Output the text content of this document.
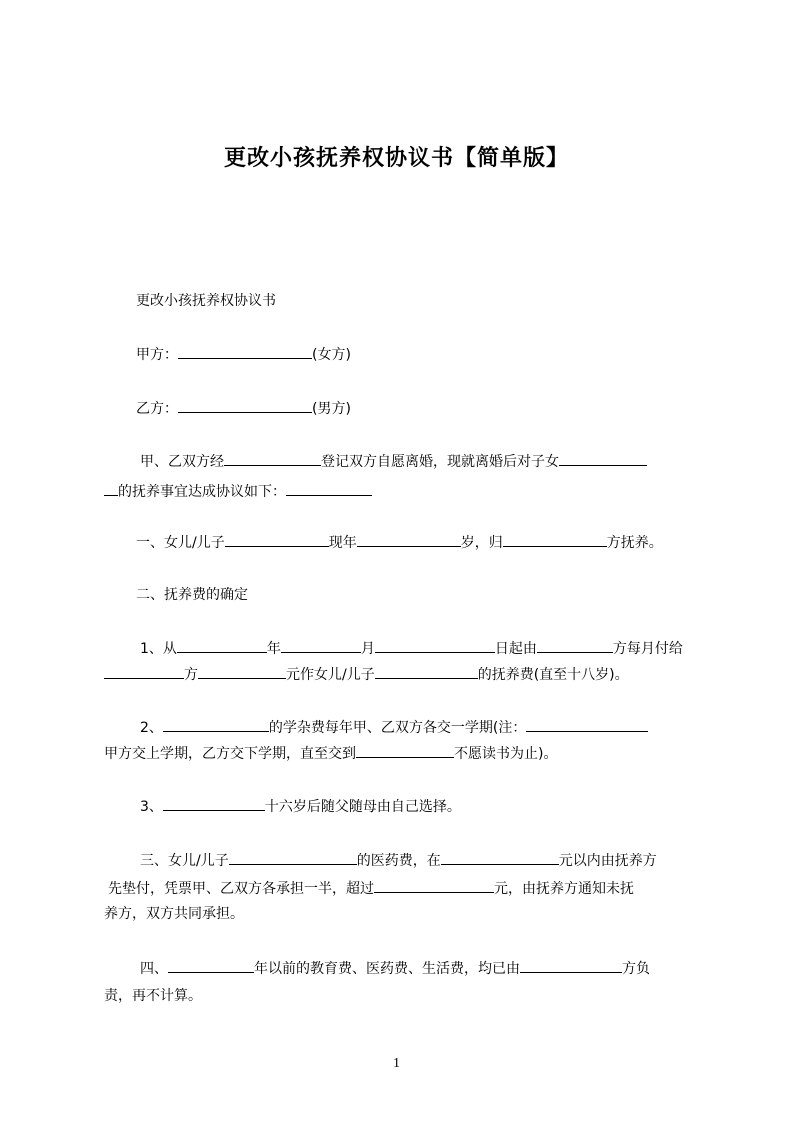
更改小孩抚养权协议书【简单版】
更改小孩抚养权协议书
甲方：	(女方)
乙方：	(男方)
甲、乙双方经	登记双方自愿离婚，现就离婚后对子女
的抚养事宜达成协议如下：
一、女儿/儿子	现年	岁，归	方抚养。
二、抚养费的确定
1、从	年	月	日起由	方每月付给
方	元作女儿/儿子	的抚养费(直至十八岁)。
2、	的学杂费每年甲、乙双方各交一学期(注：
甲方交上学期，乙方交下学期，直至交到	不愿读书为止)。
3、	十六岁后随父随母由自己选择。
三、女儿/儿子	的医药费，在	元以内由抚养方
先垫付，凭票甲、乙双方各承担一半，超过	元，由抚养方通知未抚
养方，双方共同承担。
四、	年以前的教育费、医药费、生活费，均已由	方负
责，再不计算。
1
